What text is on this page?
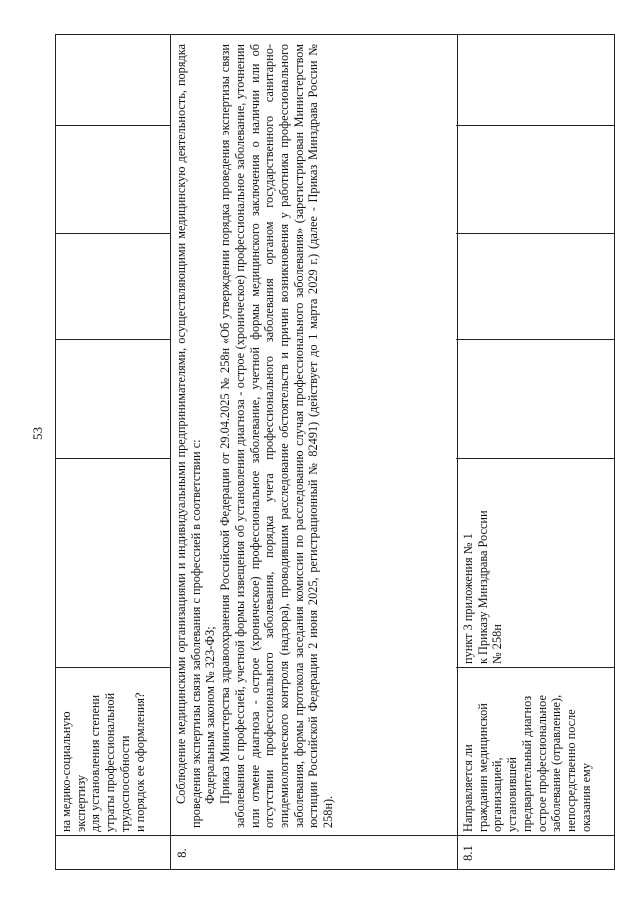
53
на медико-социальную
экспертизу
для установления степени
утраты профессиональной
трудоспособности
и порядок ее оформления?
8.

Соблюдение медицинскими организациями и индивидуальными предпринимателями, осуществляющими медицинскую деятельность, порядка проведения экспертизы связи заболевания с профессией в соответствии с: Федеральным законом № 323-ФЗ; Приказ Министерства здравоохранения Российской Федерации от 29.04.2025 № 258н «Об утверждении порядка проведения экспертизы связи заболевания с профессией, учетной формы извещения об установлении диагноза - острое (хроническое) профессиональное заболевание, уточнении или отмене диагноза - острое (хроническое) профессиональное заболевание, учетной формы медицинского заключения о наличии или об отсутствии профессионального заболевания, порядка учета профессионального заболевания органом государственного санитарно-эпидемиологического контроля (надзора), проводившим расследование обстоятельств и причин возникновения у работника профессионального заболевания, формы протокола заседания комиссии по расследованию случая профессионального заболевания» (зарегистрирован Министерством юстиции Российской Федерации 2 июня 2025, регистрационный № 82491) (действует до 1 марта 2029 г.) (далее - Приказ Минздрава России № 258н).

8.1
Направляется ли
гражданин медицинской
организацией,
установившей
предварительный диагноз
острое профессиональное
заболевание (отравление),
непосредственно после
оказания ему
пункт 3 приложения № 1
к Приказу Минздрава России
№ 258н
